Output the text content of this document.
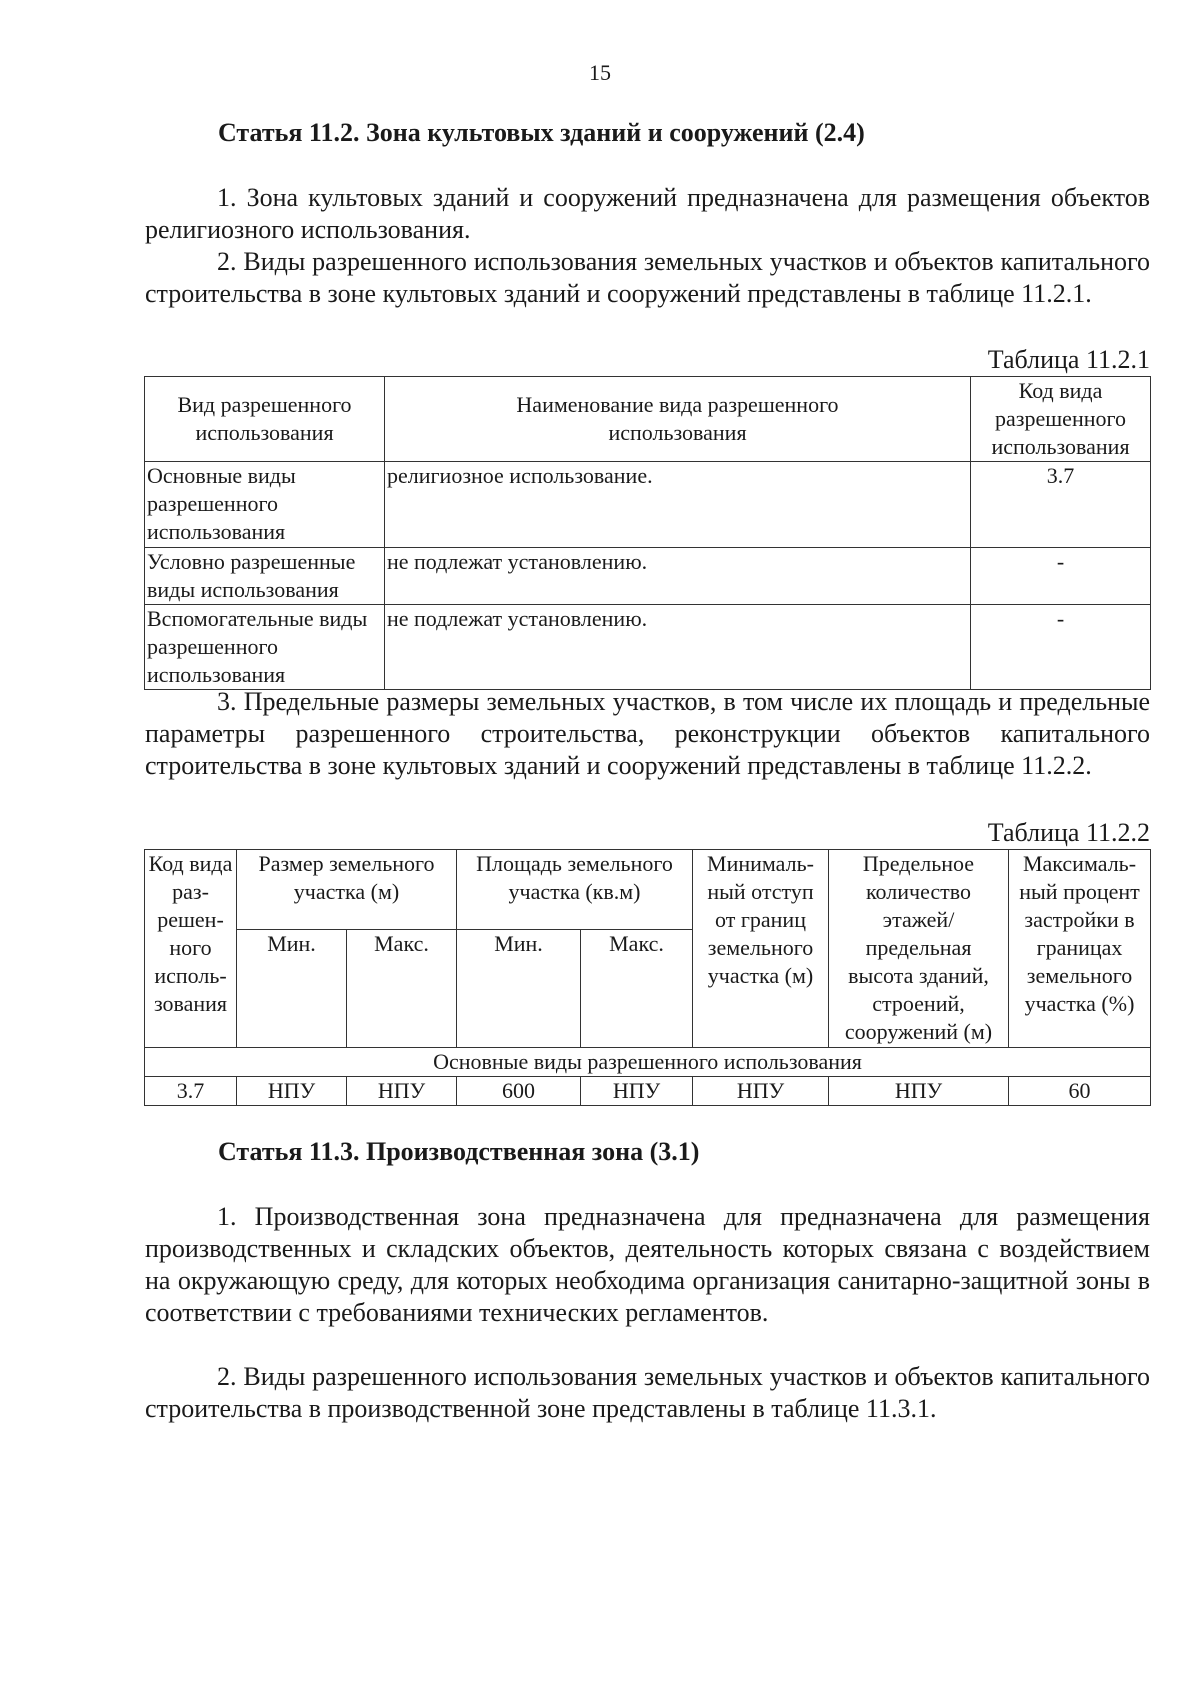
15
Статья 11.2. Зона культовых зданий и сооружений (2.4)
1. Зона культовых зданий и сооружений предназначена для размещения объектов религиозного использования.
2. Виды разрешенного использования земельных участков и объектов капитального строительства в зоне культовых зданий и сооружений представлены в таблице 11.2.1.
Таблица 11.2.1
Вид разрешенного использования	Наименование вида разрешенного использования	Код вида разрешенного использования
Основные виды разрешенного использования	религиозное использование.	3.7
Условно разрешенные виды использования	не подлежат установлению.	-
Вспомогательные виды разрешенного использования	не подлежат установлению.	-
3. Предельные размеры земельных участков, в том числе их площадь и предельные параметры разрешенного строительства, реконструкции объектов капитального строительства в зоне культовых зданий и сооружений представлены в таблице 11.2.2.
Таблица 11.2.2
Код вида раз-решен-ного исполь-зования	Размер земельного участка (м)		Площадь земельного участка (кв.м)		Минималь-ный отступ от границ земельного участка (м)	Предельное количество этажей/ предельная высота зданий, строений, сооружений (м)	Максималь-ный процент застройки в границах земельного участка (%)
	Мин.	Макс.	Мин.	Макс.			
Основные виды разрешенного использования							
3.7	НПУ	НПУ	600	НПУ	НПУ	НПУ	60
Статья 11.3. Производственная зона (3.1)
1. Производственная зона предназначена для предназначена для размещения производственных и складских объектов, деятельность которых связана с воздействием на окружающую среду, для которых необходима организация санитарно-защитной зоны в соответствии с требованиями технических регламентов.
2. Виды разрешенного использования земельных участков и объектов капитального строительства в производственной зоне представлены в таблице 11.3.1.
